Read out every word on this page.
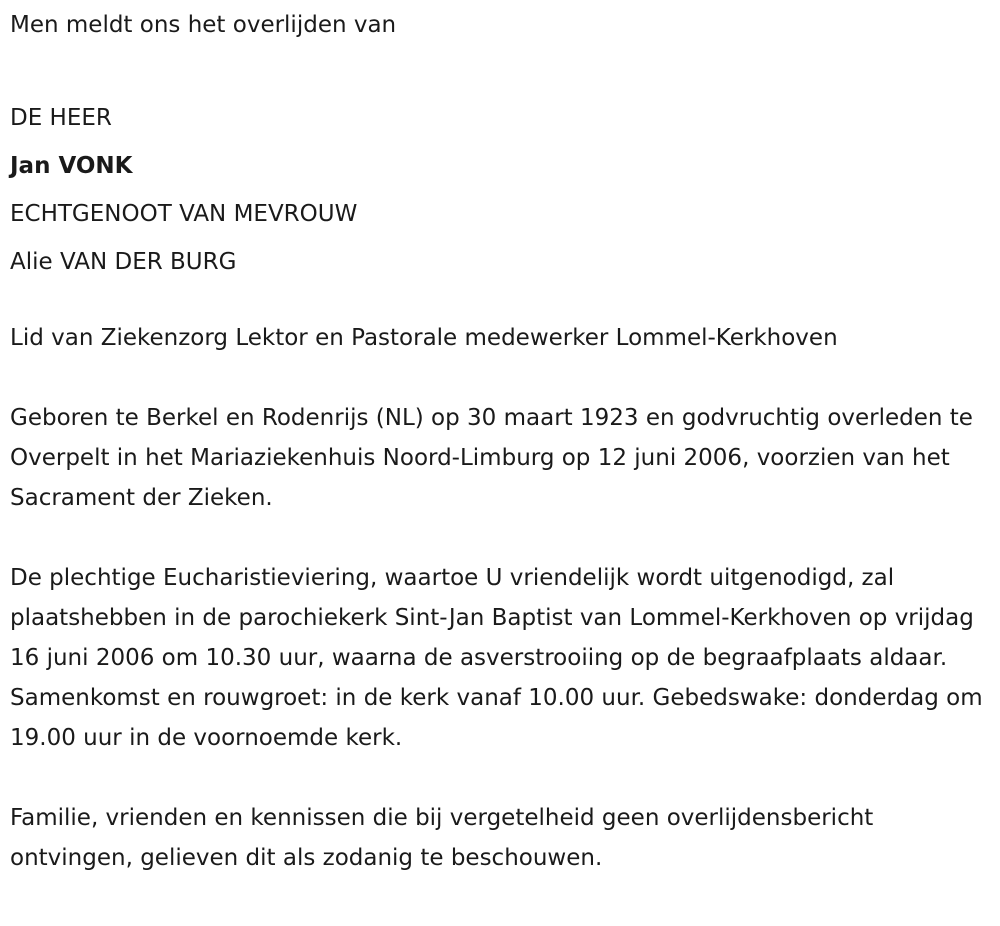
Men meldt ons het overlijden van

DE HEER
Jan VONK
ECHTGENOOT VAN MEVROUW
Alie VAN DER BURG

Lid van Ziekenzorg Lektor en Pastorale medewerker Lommel-Kerkhoven

Geboren te Berkel en Rodenrijs (NL) op 30 maart 1923 en godvruchtig overleden te Overpelt in het Mariaziekenhuis Noord-Limburg op 12 juni 2006, voorzien van het Sacrament der Zieken.

De plechtige Eucharistieviering, waartoe U vriendelijk wordt uitgenodigd, zal plaatshebben in de parochiekerk Sint-Jan Baptist van Lommel-Kerkhoven op vrijdag 16 juni 2006 om 10.30 uur, waarna de asverstrooiing op de begraafplaats aldaar. Samenkomst en rouwgroet: in de kerk vanaf 10.00 uur. Gebedswake: donderdag om 19.00 uur in de voornoemde kerk.

Familie, vrienden en kennissen die bij vergetelheid geen overlijdensbericht ontvingen, gelieven dit als zodanig te beschouwen.
